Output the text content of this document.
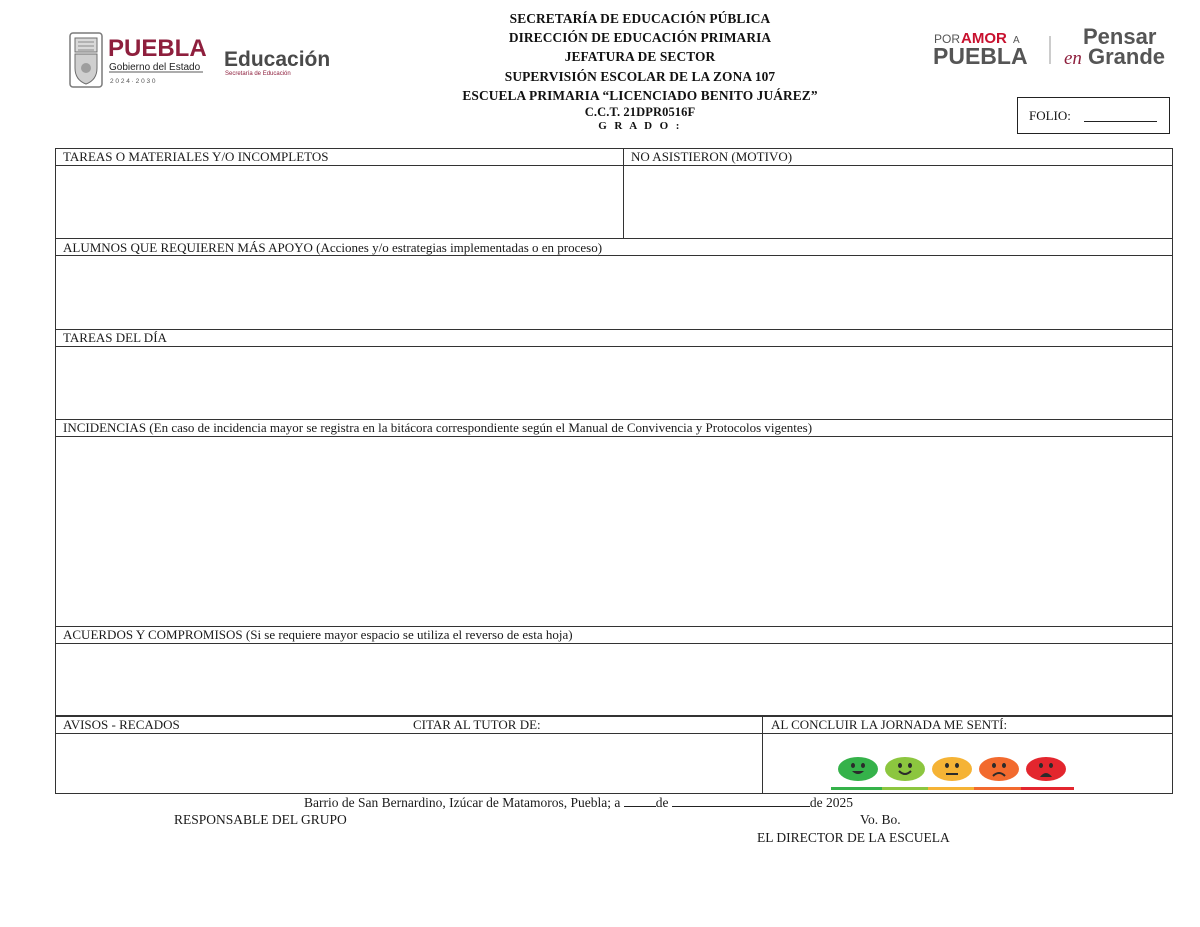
PUEBLA
Gobierno del Estado
2 0 2 4 · 2 0 3 0
Educación
Secretaría de Educación
SECRETARÍA DE EDUCACIÓN PÚBLICA
DIRECCIÓN DE EDUCACIÓN PRIMARIA
JEFATURA DE SECTOR
SUPERVISIÓN ESCOLAR DE LA ZONA 107
ESCUELA PRIMARIA “LICENCIADO BENITO JUÁREZ”
C.C.T. 21DPR0516F
G R A D O :
POR AMOR A
PUEBLA
Pensar
en Grande
FOLIO:
TAREAS O MATERIALES Y/O INCOMPLETOS	NO ASISTIERON (MOTIVO)
ALUMNOS QUE REQUIEREN MÁS APOYO (Acciones y/o estrategias implementadas o en proceso)
TAREAS DEL DÍA
INCIDENCIAS (En caso de incidencia mayor se registra en la bitácora correspondiente según el Manual de Convivencia y Protocolos vigentes)
ACUERDOS Y COMPROMISOS (Si se requiere mayor espacio se utiliza el reverso de esta hoja)
AVISOS - RECADOS	CITAR AL TUTOR DE:	AL CONCLUIR LA JORNADA ME SENTÍ:
Barrio de San Bernardino, Izúcar de Matamoros, Puebla; a	de	de 2025
RESPONSABLE DEL GRUPO	Vo. Bo.
EL DIRECTOR DE LA ESCUELA
